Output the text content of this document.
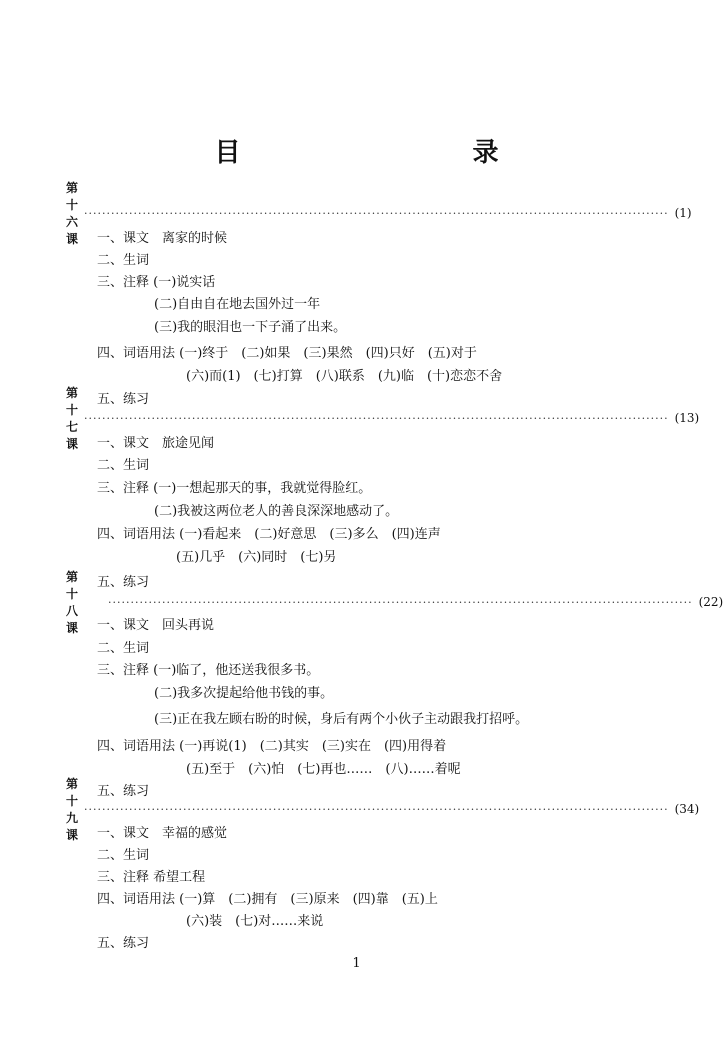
目　　录
第十六课
·································································································································· (1)
一、课文　离家的时候
二、生词
三、注释 (一)说实话
(二)自由自在地去国外过一年
(三)我的眼泪也一下子涌了出来。
四、词语用法 (一)终于　(二)如果　(三)果然　(四)只好　(五)对于
(六)而(1)　(七)打算　(八)联系　(九)临　(十)恋恋不舍
五、练习
第十七课
·································································································································· (13)
一、课文　旅途见闻
二、生词
三、注释 (一)一想起那天的事，我就觉得脸红。
(二)我被这两位老人的善良深深地感动了。
四、词语用法 (一)看起来　(二)好意思　(三)多么　(四)连声
(五)几乎　(六)同时　(七)另
五、练习
第十八课
·································································································································· (22)
一、课文　回头再说
二、生词
三、注释 (一)临了，他还送我很多书。
(二)我多次提起给他书钱的事。
(三)正在我左顾右盼的时候，身后有两个小伙子主动跟我打招呼。
四、词语用法 (一)再说(1)　(二)其实　(三)实在　(四)用得着
(五)至于　(六)怕　(七)再也……　(八)……着呢
五、练习
第十九课
·································································································································· (34)
一、课文　幸福的感觉
二、生词
三、注释 希望工程
四、词语用法 (一)算　(二)拥有　(三)原来　(四)靠　(五)上
(六)装　(七)对……来说
五、练习
1
